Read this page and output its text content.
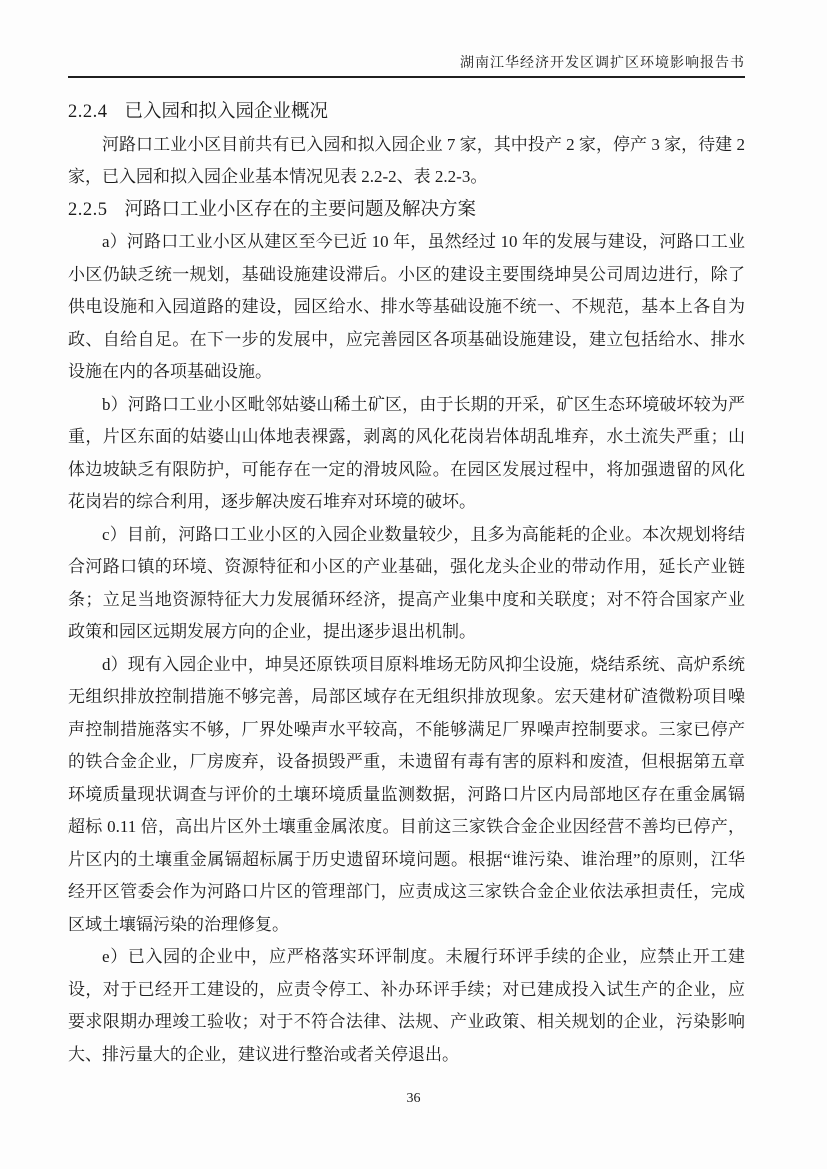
湖南江华经济开发区调扩区环境影响报告书
2.2.4 已入园和拟入园企业概况

河路口工业小区目前共有已入园和拟入园企业 7 家，其中投产 2 家，停产 3 家，待建 2 家，已入园和拟入园企业基本情况见表 2.2-2、表 2.2-3。

2.2.5 河路口工业小区存在的主要问题及解决方案

a）河路口工业小区从建区至今已近 10 年，虽然经过 10 年的发展与建设，河路口工业小区仍缺乏统一规划，基础设施建设滞后。小区的建设主要围绕坤昊公司周边进行，除了供电设施和入园道路的建设，园区给水、排水等基础设施不统一、不规范，基本上各自为政、自给自足。在下一步的发展中，应完善园区各项基础设施建设，建立包括给水、排水设施在内的各项基础设施。

b）河路口工业小区毗邻姑婆山稀土矿区，由于长期的开采，矿区生态环境破坏较为严重，片区东面的姑婆山山体地表裸露，剥离的风化花岗岩体胡乱堆弃，水土流失严重；山体边坡缺乏有限防护，可能存在一定的滑坡风险。在园区发展过程中，将加强遗留的风化花岗岩的综合利用，逐步解决废石堆弃对环境的破坏。

c）目前，河路口工业小区的入园企业数量较少，且多为高能耗的企业。本次规划将结合河路口镇的环境、资源特征和小区的产业基础，强化龙头企业的带动作用，延长产业链条；立足当地资源特征大力发展循环经济，提高产业集中度和关联度；对不符合国家产业政策和园区远期发展方向的企业，提出逐步退出机制。

d）现有入园企业中，坤昊还原铁项目原料堆场无防风抑尘设施，烧结系统、高炉系统无组织排放控制措施不够完善，局部区域存在无组织排放现象。宏天建材矿渣微粉项目噪声控制措施落实不够，厂界处噪声水平较高，不能够满足厂界噪声控制要求。三家已停产的铁合金企业，厂房废弃，设备损毁严重，未遗留有毒有害的原料和废渣，但根据第五章环境质量现状调查与评价的土壤环境质量监测数据，河路口片区内局部地区存在重金属镉超标 0.11 倍，高出片区外土壤重金属浓度。目前这三家铁合金企业因经营不善均已停产，片区内的土壤重金属镉超标属于历史遗留环境问题。根据“谁污染、谁治理”的原则，江华经开区管委会作为河路口片区的管理部门，应责成这三家铁合金企业依法承担责任，完成区域土壤镉污染的治理修复。

e）已入园的企业中，应严格落实环评制度。未履行环评手续的企业，应禁止开工建设，对于已经开工建设的，应责令停工、补办环评手续；对已建成投入试生产的企业，应要求限期办理竣工验收；对于不符合法律、法规、产业政策、相关规划的企业，污染影响大、排污量大的企业，建议进行整治或者关停退出。

36
